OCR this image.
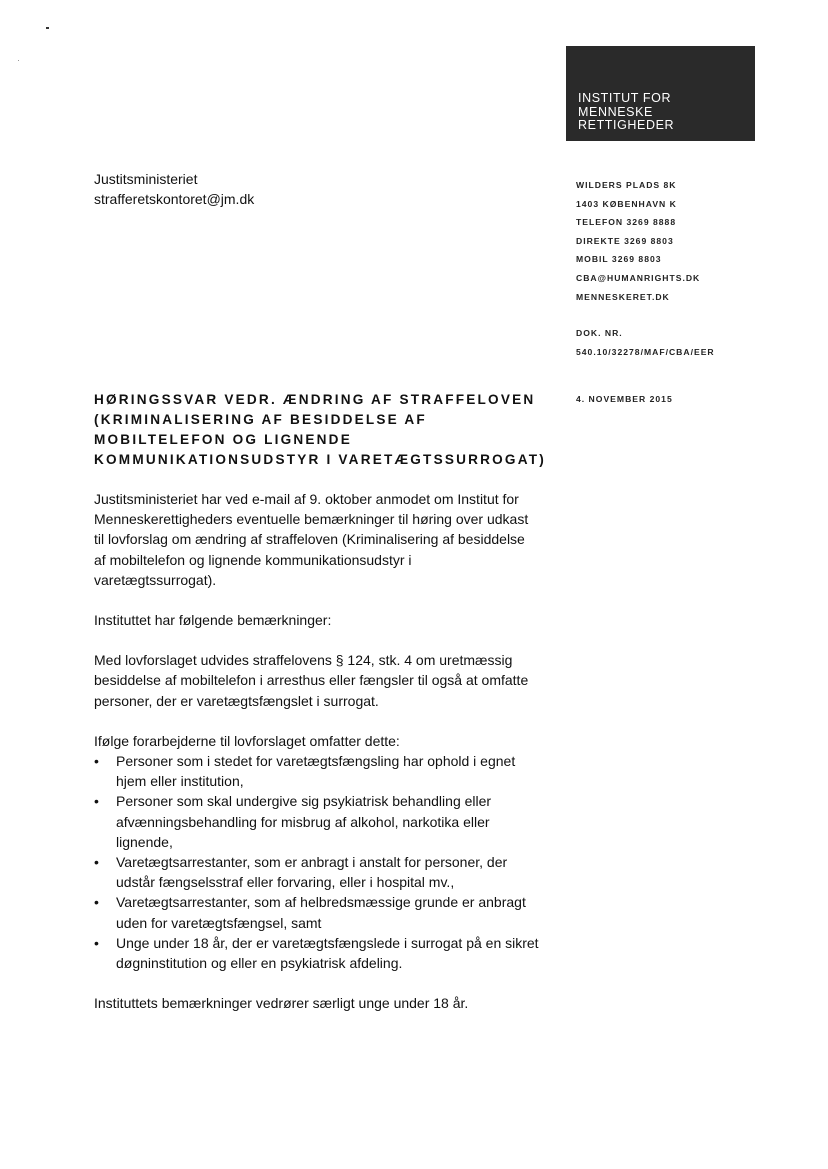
INSTITUT FOR
MENNESKE
RETTIGHEDER
Justitsministeriet
strafferetskontoret@jm.dk
WILDERS PLADS 8K
1403 KØBENHAVN K
TELEFON 3269 8888
DIREKTE 3269 8803
MOBIL 3269 8803
CBA@HUMANRIGHTS.DK
MENNESKERET.DK
DOK. NR.
540.10/32278/MAF/CBA/EER
4. NOVEMBER 2015
HØRINGSSVAR VEDR. ÆNDRING AF STRAFFELOVEN
(KRIMINALISERING AF BESIDDELSE AF
MOBILTELEFON OG LIGNENDE
KOMMUNIKATIONSUDSTYR I VARETÆGTSSURROGAT)
Justitsministeriet har ved e-mail af 9. oktober anmodet om Institut for
Menneskerettigheders eventuelle bemærkninger til høring over udkast
til lovforslag om ændring af straffeloven (Kriminalisering af besiddelse
af mobiltelefon og lignende kommunikationsudstyr i
varetægtssurrogat).
Instituttet har følgende bemærkninger:
Med lovforslaget udvides straffelovens § 124, stk. 4 om uretmæssig
besiddelse af mobiltelefon i arresthus eller fængsler til også at omfatte
personer, der er varetægtsfængslet i surrogat.
Ifølge forarbejderne til lovforslaget omfatter dette:
• Personer som i stedet for varetægtsfængsling har ophold i egnet
hjem eller institution,
• Personer som skal undergive sig psykiatrisk behandling eller
afvænningsbehandling for misbrug af alkohol, narkotika eller
lignende,
• Varetægtsarrestanter, som er anbragt i anstalt for personer, der
udstår fængselsstraf eller forvaring, eller i hospital mv.,
• Varetægtsarrestanter, som af helbredsmæssige grunde er anbragt
uden for varetægtsfængsel, samt
• Unge under 18 år, der er varetægtsfængslede i surrogat på en sikret
døgninstitution og eller en psykiatrisk afdeling.
Instituttets bemærkninger vedrører særligt unge under 18 år.
